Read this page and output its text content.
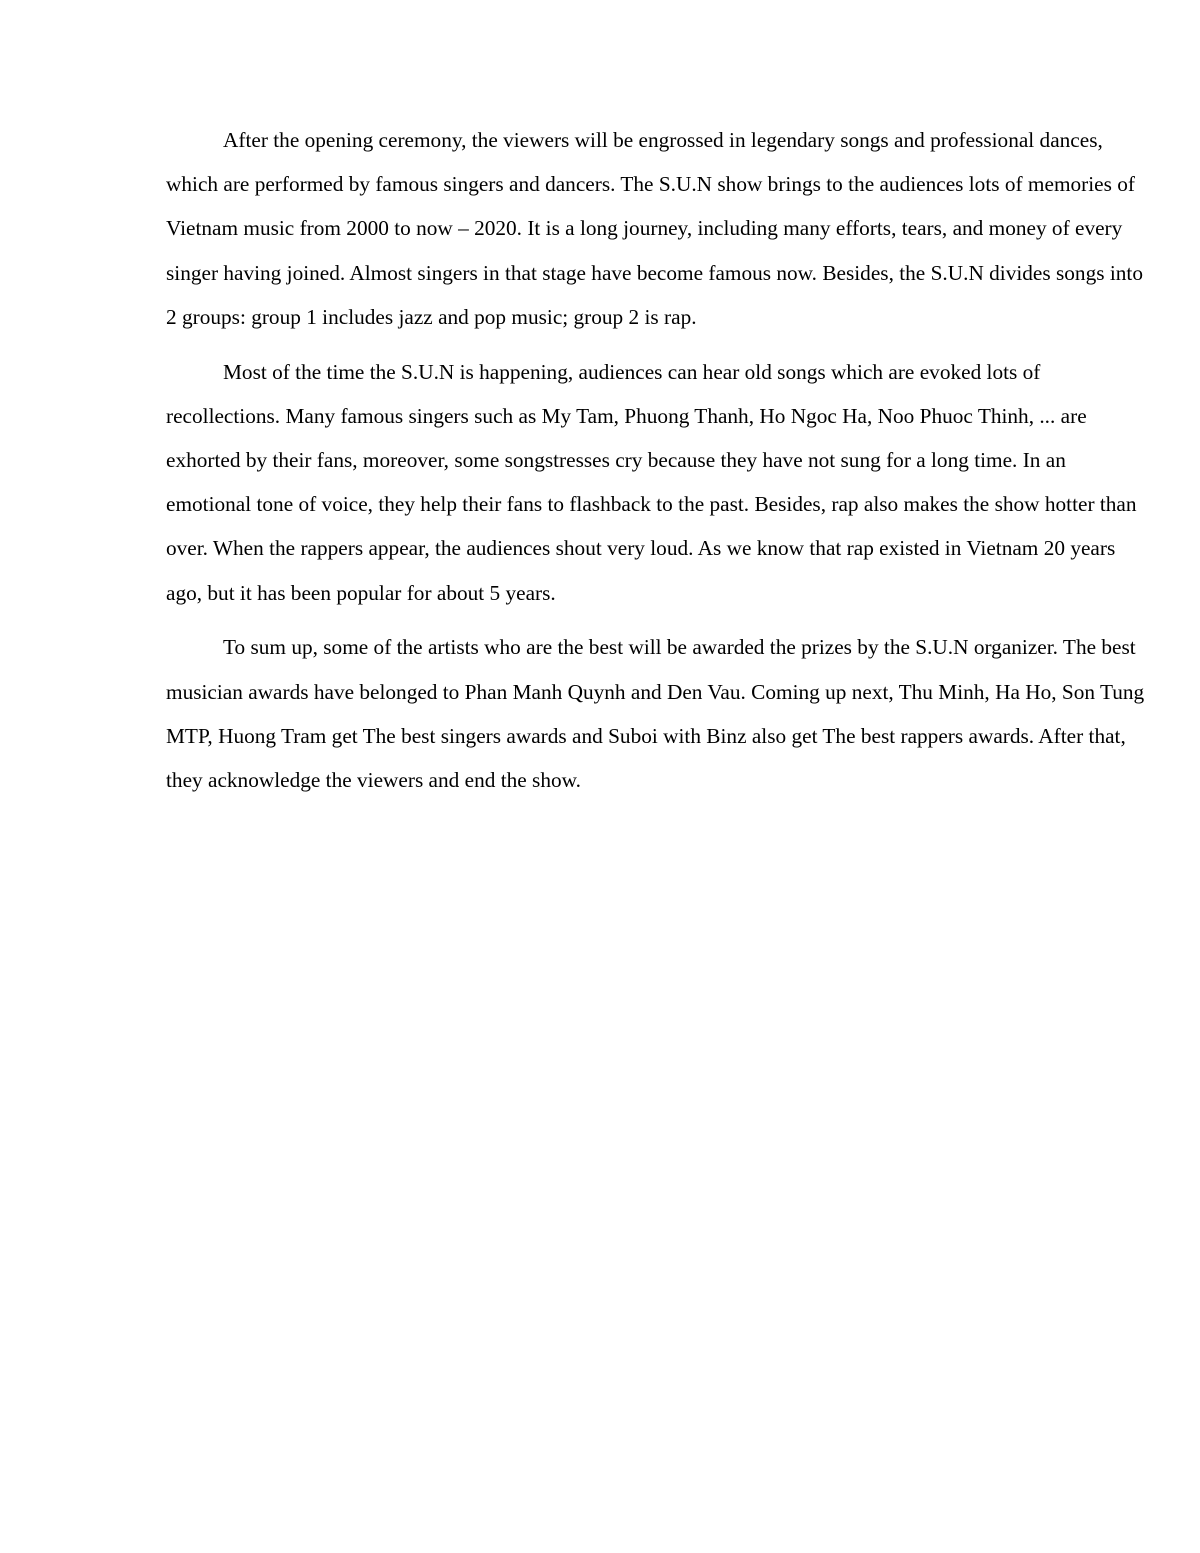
After the opening ceremony, the viewers will be engrossed in legendary songs and professional dances, which are performed by famous singers and dancers. The S.U.N show brings to the audiences lots of memories of Vietnam music from 2000 to now – 2020. It is a long journey, including many efforts, tears, and money of every singer having joined. Almost singers in that stage have become famous now. Besides, the S.U.N divides songs into 2 groups: group 1 includes jazz and pop music; group 2 is rap.

Most of the time the S.U.N is happening, audiences can hear old songs which are evoked lots of recollections. Many famous singers such as My Tam, Phuong Thanh, Ho Ngoc Ha, Noo Phuoc Thinh, ... are exhorted by their fans, moreover, some songstresses cry because they have not sung for a long time. In an emotional tone of voice, they help their fans to flashback to the past. Besides, rap also makes the show hotter than over. When the rappers appear, the audiences shout very loud. As we know that rap existed in Vietnam 20 years ago, but it has been popular for about 5 years.

To sum up, some of the artists who are the best will be awarded the prizes by the S.U.N organizer. The best musician awards have belonged to Phan Manh Quynh and Den Vau. Coming up next, Thu Minh, Ha Ho, Son Tung MTP, Huong Tram get The best singers awards and Suboi with Binz also get The best rappers awards. After that, they acknowledge the viewers and end the show.
